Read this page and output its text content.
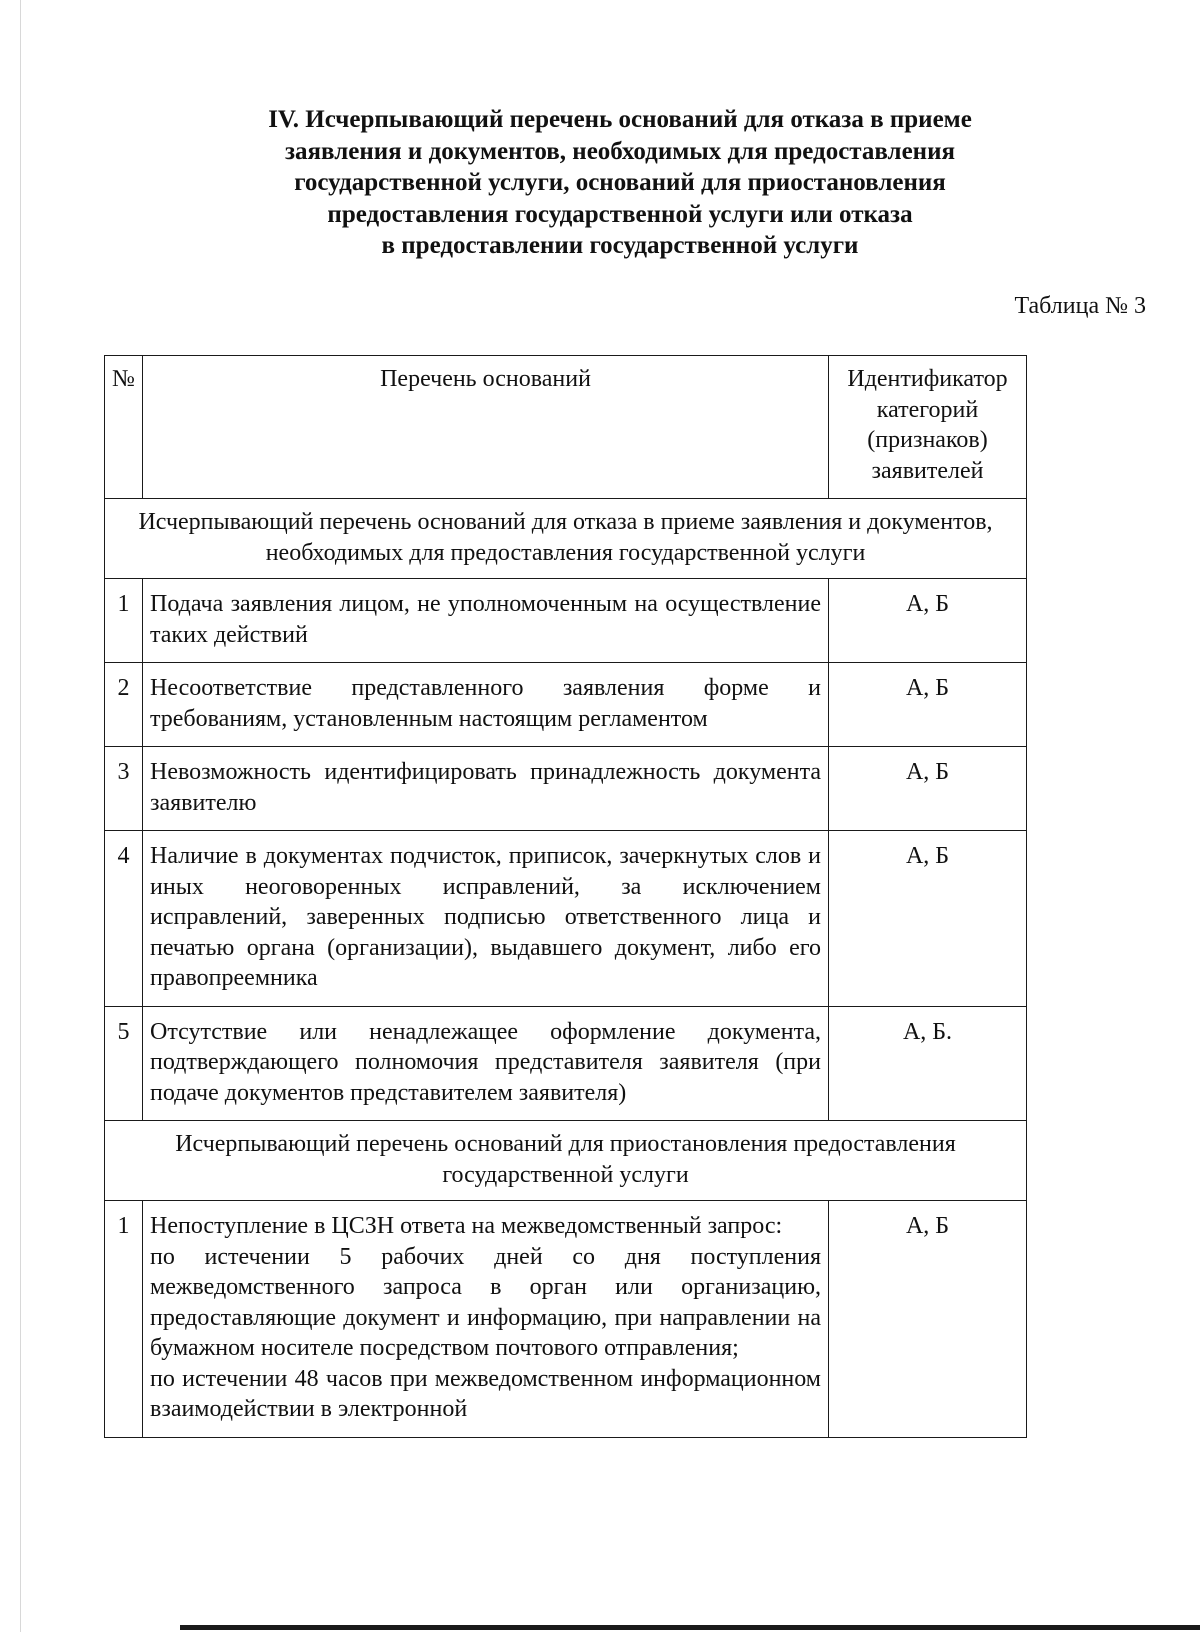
IV. Исчерпывающий перечень оснований для отказа в приеме
заявления и документов, необходимых для предоставления
государственной услуги, оснований для приостановления
предоставления государственной услуги или отказа
в предоставлении государственной услуги
Таблица № 3
№	Перечень оснований	Идентификатор категорий (признаков) заявителей
Исчерпывающий перечень оснований для отказа в приеме заявления и документов, необходимых для предоставления государственной услуги		
1	Подача заявления лицом, не уполномоченным на осуществление таких действий	А, Б
2	Несоответствие представленного заявления форме и требованиям, установленным настоящим регламентом	А, Б
3	Невозможность идентифицировать принадлежность документа заявителю	А, Б
4	Наличие в документах подчисток, приписок, зачеркнутых слов и иных неоговоренных исправлений, за исключением исправлений, заверенных подписью ответственного лица и печатью органа (организации), выдавшего документ, либо его правопреемника	А, Б
5	Отсутствие или ненадлежащее оформление документа, подтверждающего полномочия представителя заявителя (при подаче документов представителем заявителя)	А, Б.
Исчерпывающий перечень оснований для приостановления предоставления государственной услуги		
1	Непоступление в ЦСЗН ответа на межведомственный запрос:
по истечении 5 рабочих дней со дня поступления межведомственного запроса в орган или организацию, предоставляющие документ и информацию, при направлении на бумажном носителе посредством почтового отправления;
по истечении 48 часов при межведомственном информационном взаимодействии в электронной	А, Б
